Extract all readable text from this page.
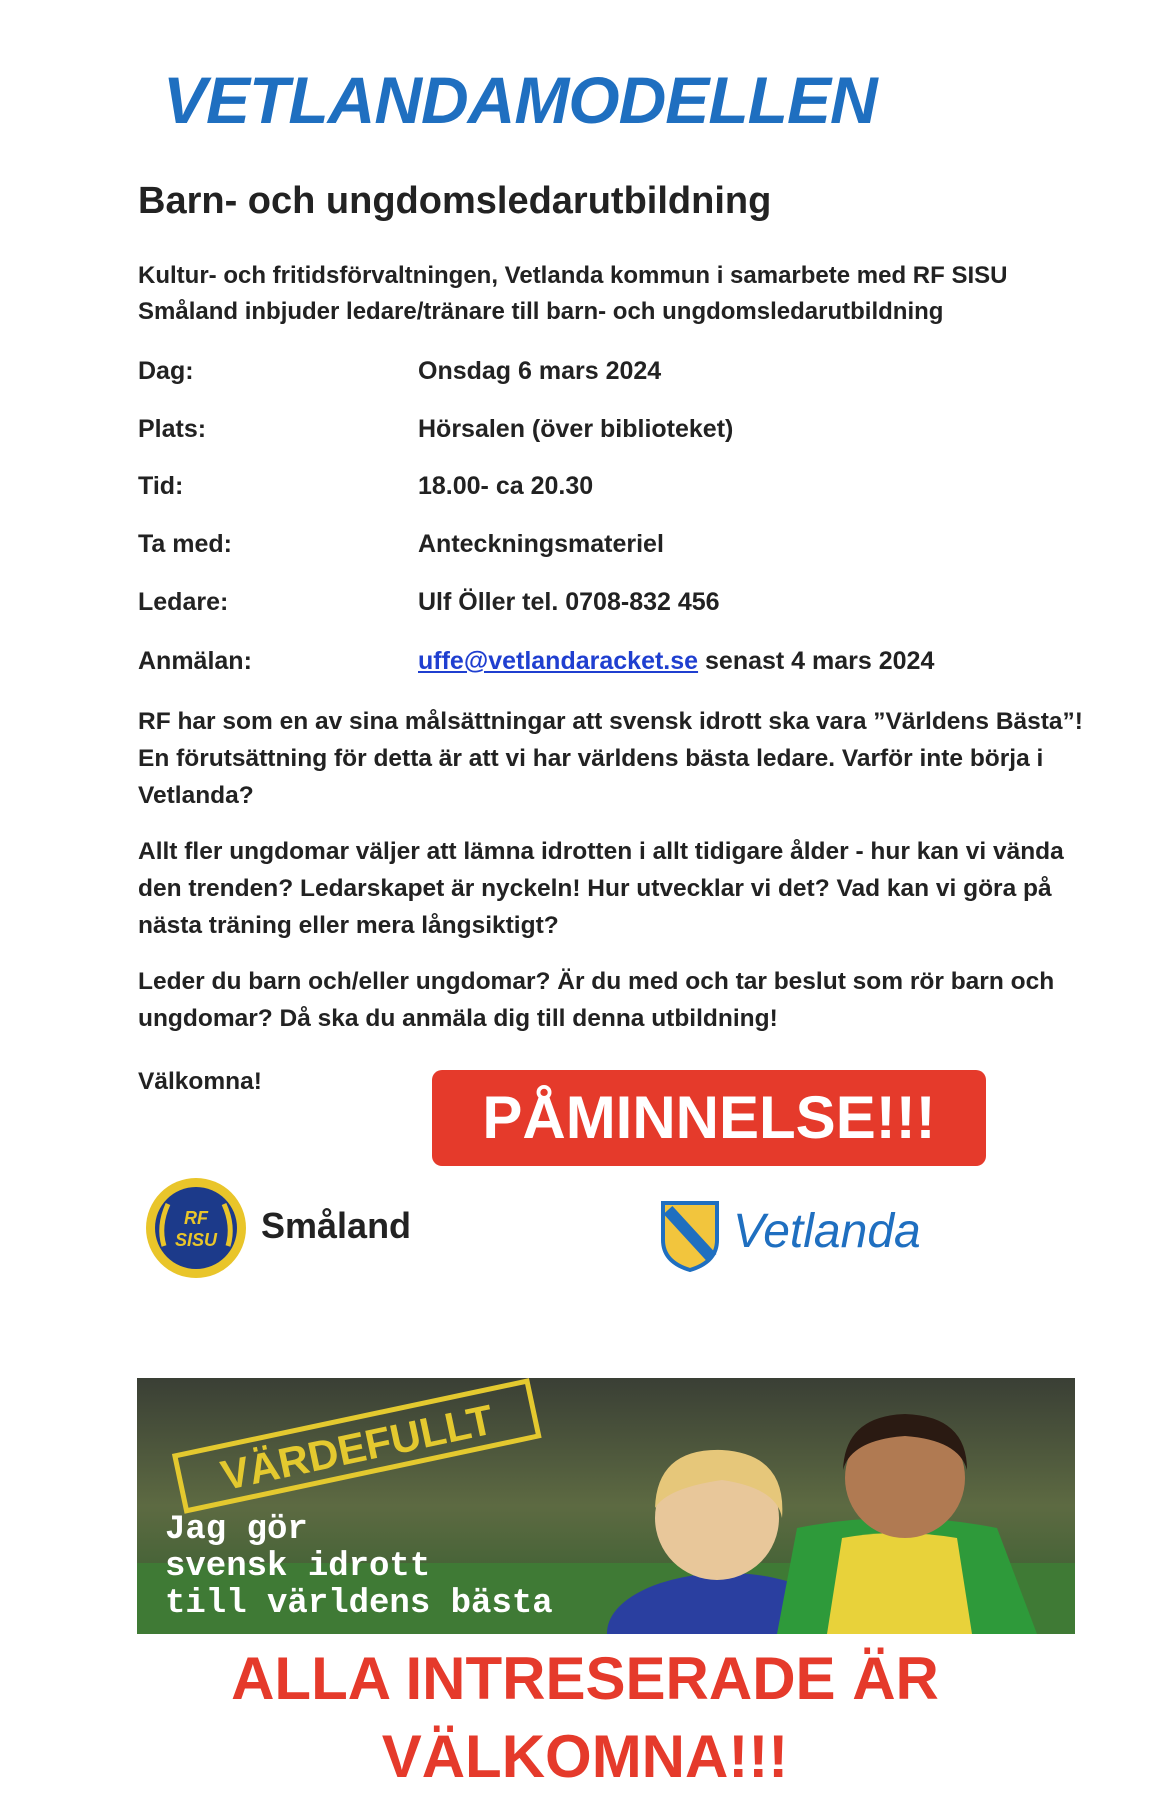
VETLANDAMODELLEN
Barn- och ungdomsledarutbildning
Kultur- och fritidsförvaltningen, Vetlanda kommun i samarbete med RF SISU
Småland inbjuder ledare/tränare till barn- och ungdomsledarutbildning
Dag:	Onsdag 6 mars 2024
Plats:	Hörsalen (över biblioteket)
Tid:	18.00- ca 20.30
Ta med:	Anteckningsmateriel
Ledare:	Ulf Öller tel. 0708-832 456
Anmälan:	uffe@vetlandaracket.se senast 4 mars 2024
RF har som en av sina målsättningar att svensk idrott ska vara ”Världens Bästa”!
En förutsättning för detta är att vi har världens bästa ledare. Varför inte börja i
Vetlanda?
Allt fler ungdomar väljer att lämna idrotten i allt tidigare ålder - hur kan vi vända
den trenden? Ledarskapet är nyckeln! Hur utvecklar vi det? Vad kan vi göra på
nästa träning eller mera långsiktigt?
Leder du barn och/eller ungdomar? Är du med och tar beslut som rör barn och
ungdomar? Då ska du anmäla dig till denna utbildning!
Välkomna!
PÅMINNELSE!!!
RF
SISU Småland	Vetlanda
VÄRDEFULLT
Jag gör
svensk idrott
till världens bästa
ALLA INTRESERADE ÄR
VÄLKOMNA!!!
